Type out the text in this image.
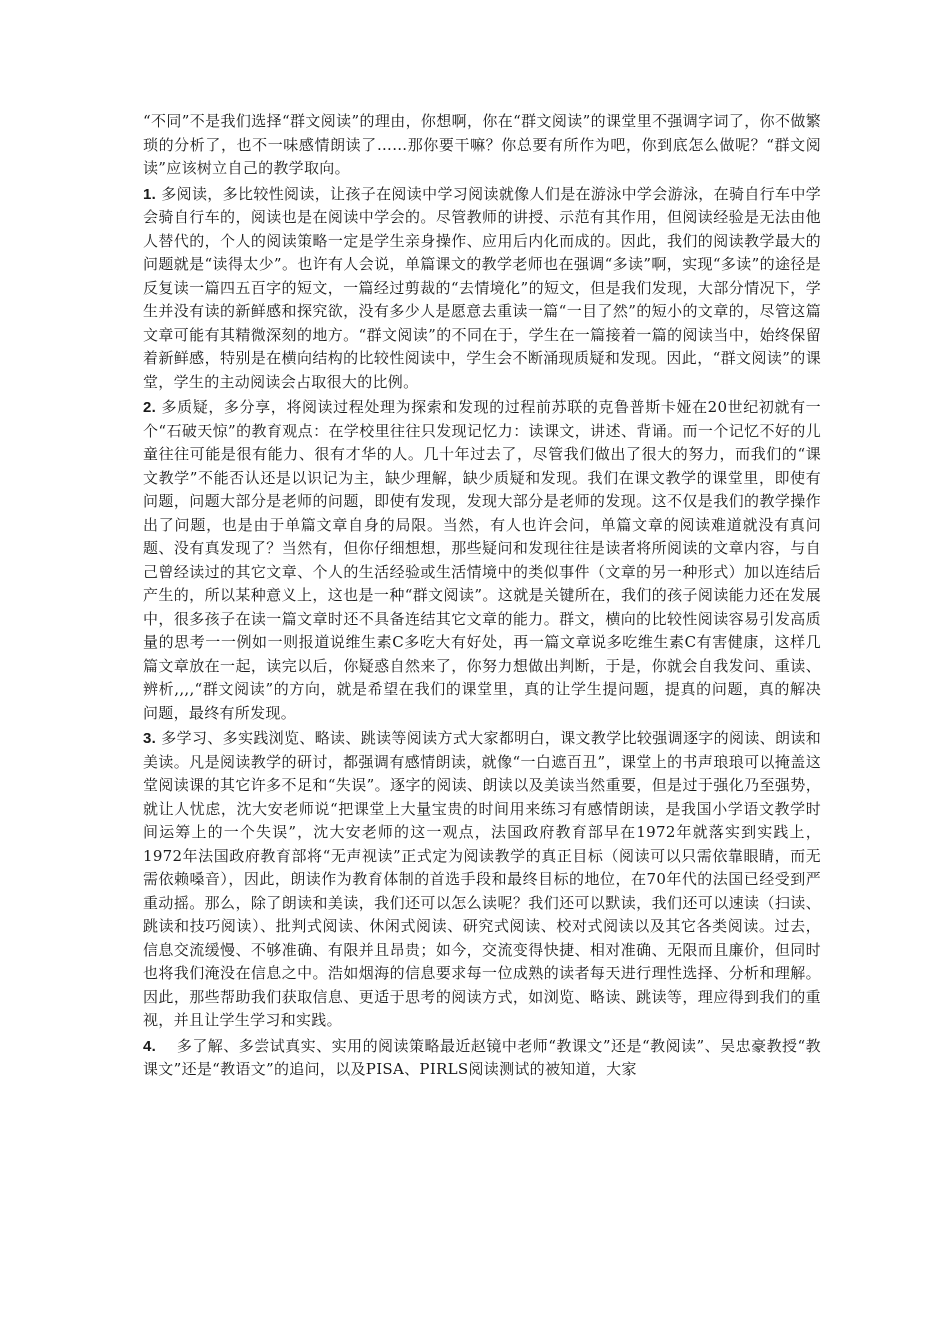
“不同”不是我们选择“群文阅读”的理由，你想啊，你在“群文阅读”的课堂里不强调字词了，你不做繁琐的分析了，也不一味感情朗读了……那你要干嘛？你总要有所作为吧，你到底怎么做呢？“群文阅读”应该树立自己的教学取向。

1. 多阅读，多比较性阅读，让孩子在阅读中学习阅读就像人们是在游泳中学会游泳，在骑自行车中学会骑自行车的，阅读也是在阅读中学会的。尽管教师的讲授、示范有其作用，但阅读经验是无法由他人替代的，个人的阅读策略一定是学生亲身操作、应用后内化而成的。因此，我们的阅读教学最大的问题就是“读得太少”。也许有人会说，单篇课文的教学老师也在强调“多读”啊，实现“多读”的途径是反复读一篇四五百字的短文，一篇经过剪裁的“去情境化”的短文，但是我们发现，大部分情况下，学生并没有读的新鲜感和探究欲，没有多少人是愿意去重读一篇“一目了然”的短小的文章的，尽管这篇文章可能有其精微深刻的地方。“群文阅读”的不同在于，学生在一篇接着一篇的阅读当中，始终保留着新鲜感，特别是在横向结构的比较性阅读中，学生会不断涌现质疑和发现。因此，“群文阅读”的课堂，学生的主动阅读会占取很大的比例。

2. 多质疑，多分享，将阅读过程处理为探索和发现的过程前苏联的克鲁普斯卡娅在20世纪初就有一个“石破天惊”的教育观点：在学校里往往只发现记忆力：读课文，讲述、背诵。而一个记忆不好的儿童往往可能是很有能力、很有才华的人。几十年过去了，尽管我们做出了很大的努力，而我们的“课文教学”不能否认还是以识记为主，缺少理解，缺少质疑和发现。我们在课文教学的课堂里，即使有问题，问题大部分是老师的问题，即使有发现，发现大部分是老师的发现。这不仅是我们的教学操作出了问题，也是由于单篇文章自身的局限。当然，有人也许会问，单篇文章的阅读难道就没有真问题、没有真发现了？当然有，但你仔细想想，那些疑问和发现往往是读者将所阅读的文章内容，与自己曾经读过的其它文章、个人的生活经验或生活情境中的类似事件（文章的另一种形式）加以连结后产生的，所以某种意义上，这也是一种“群文阅读”。这就是关键所在，我们的孩子阅读能力还在发展中，很多孩子在读一篇文章时还不具备连结其它文章的能力。群文，横向的比较性阅读容易引发高质量的思考一一例如一则报道说维生素C多吃大有好处，再一篇文章说多吃维生素C有害健康，这样几篇文章放在一起，读完以后，你疑惑自然来了，你努力想做出判断，于是，你就会自我发问、重读、辨析,,,,“群文阅读”的方向，就是希望在我们的课堂里，真的让学生提问题，提真的问题，真的解决问题，最终有所发现。

3. 多学习、多实践浏览、略读、跳读等阅读方式大家都明白，课文教学比较强调逐字的阅读、朗读和美读。凡是阅读教学的研讨，都强调有感情朗读，就像“一白遮百丑”，课堂上的书声琅琅可以掩盖这堂阅读课的其它许多不足和“失误”。逐字的阅读、朗读以及美读当然重要，但是过于强化乃至强势，就让人忧虑，沈大安老师说“把课堂上大量宝贵的时间用来练习有感情朗读，是我国小学语文教学时间运筹上的一个失误”，沈大安老师的这一观点，法国政府教育部早在1972年就落实到实践上，1972年法国政府教育部将“无声视读”正式定为阅读教学的真正目标（阅读可以只需依靠眼睛，而无需依赖嗓音），因此，朗读作为教育体制的首选手段和最终目标的地位，在70年代的法国已经受到严重动摇。那么，除了朗读和美读，我们还可以怎么读呢？我们还可以默读，我们还可以速读（扫读、跳读和技巧阅读）、批判式阅读、休闲式阅读、研究式阅读、校对式阅读以及其它各类阅读。过去，信息交流缓慢、不够准确、有限并且昂贵；如今，交流变得快捷、相对准确、无限而且廉价，但同时也将我们淹没在信息之中。浩如烟海的信息要求每一位成熟的读者每天进行理性选择、分析和理解。因此，那些帮助我们获取信息、更适于思考的阅读方式，如浏览、略读、跳读等，理应得到我们的重视，并且让学生学习和实践。

4. 　多了解、多尝试真实、实用的阅读策略最近赵镜中老师“教课文”还是“教阅读”、吴忠豪教授“教课文”还是“教语文”的追问，以及PISA、PIRLS阅读测试的被知道，大家
